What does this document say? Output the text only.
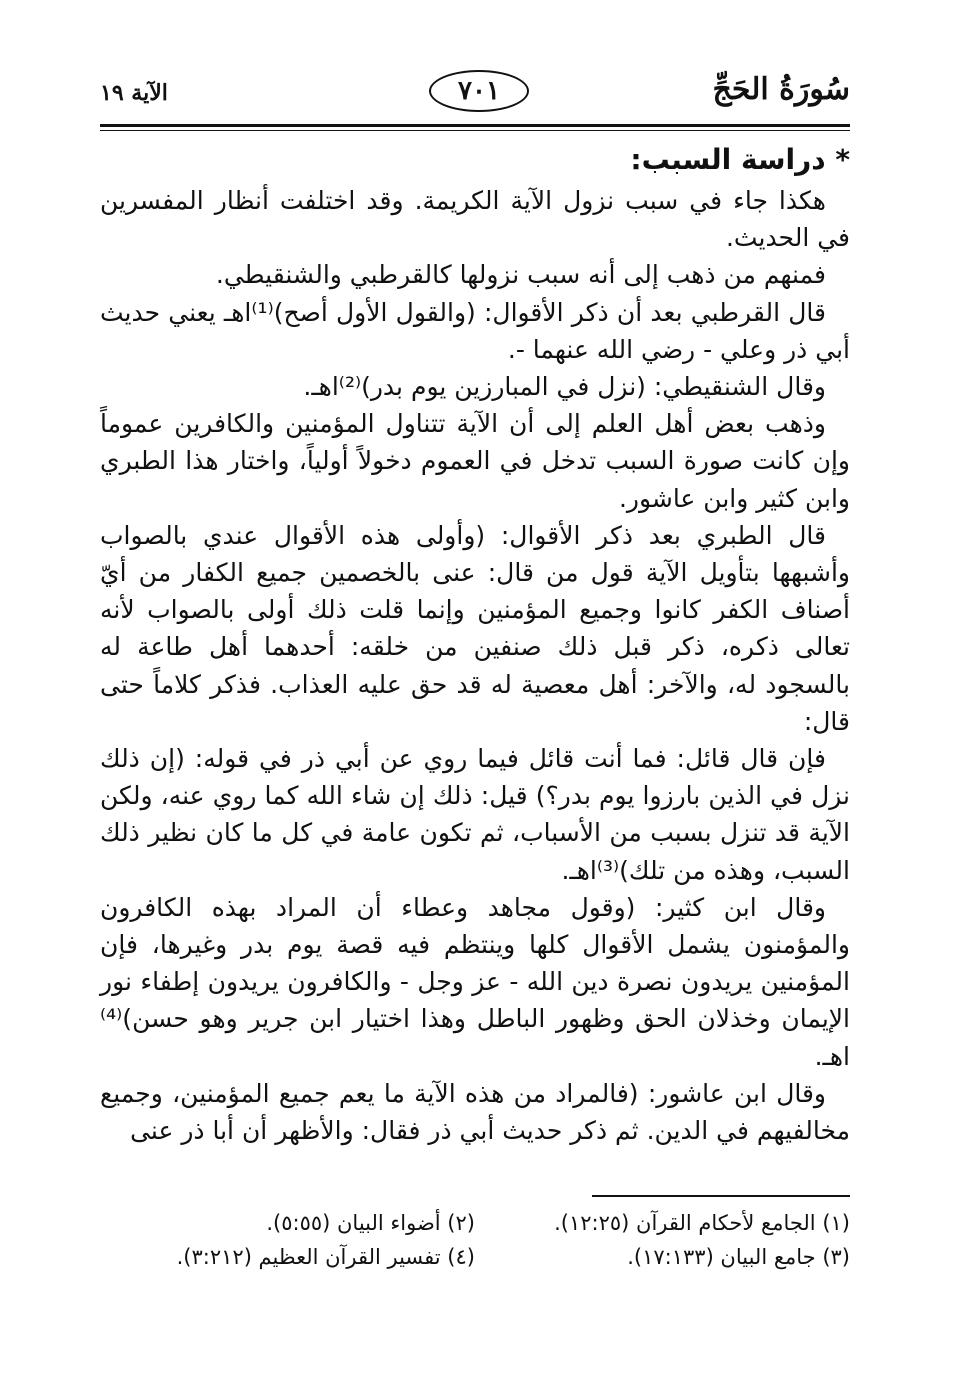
سُورَةُ الحَجِّ
٧٠١
الآية ١٩
* دراسة السبب:

هكذا جاء في سبب نزول الآية الكريمة. وقد اختلفت أنظار المفسرين في الحديث.

فمنهم من ذهب إلى أنه سبب نزولها كالقرطبي والشنقيطي.

قال القرطبي بعد أن ذكر الأقوال: (والقول الأول أصح)⁽¹⁾اهـ يعني حديث أبي ذر وعلي - رضي الله عنهما -.

وقال الشنقيطي: (نزل في المبارزين يوم بدر)⁽²⁾اهـ.

وذهب بعض أهل العلم إلى أن الآية تتناول المؤمنين والكافرين عموماً وإن كانت صورة السبب تدخل في العموم دخولاً أولياً، واختار هذا الطبري وابن كثير وابن عاشور.

قال الطبري بعد ذكر الأقوال: (وأولى هذه الأقوال عندي بالصواب وأشبهها بتأويل الآية قول من قال: عنى بالخصمين جميع الكفار من أيّ أصناف الكفر كانوا وجميع المؤمنين وإنما قلت ذلك أولى بالصواب لأنه تعالى ذكره، ذكر قبل ذلك صنفين من خلقه: أحدهما أهل طاعة له بالسجود له، والآخر: أهل معصية له قد حق عليه العذاب. فذكر كلاماً حتى قال:

فإن قال قائل: فما أنت قائل فيما روي عن أبي ذر في قوله: (إن ذلك نزل في الذين بارزوا يوم بدر؟) قيل: ذلك إن شاء الله كما روي عنه، ولكن الآية قد تنزل بسبب من الأسباب، ثم تكون عامة في كل ما كان نظير ذلك السبب، وهذه من تلك)⁽³⁾اهـ.

وقال ابن كثير: (وقول مجاهد وعطاء أن المراد بهذه الكافرون والمؤمنون يشمل الأقوال كلها وينتظم فيه قصة يوم بدر وغيرها، فإن المؤمنين يريدون نصرة دين الله - عز وجل - والكافرون يريدون إطفاء نور الإيمان وخذلان الحق وظهور الباطل وهذا اختيار ابن جرير وهو حسن)⁽⁴⁾اهـ.

وقال ابن عاشور: (فالمراد من هذه الآية ما يعم جميع المؤمنين، وجميع مخالفيهم في الدين. ثم ذكر حديث أبي ذر فقال: والأظهر أن أبا ذر عنى

(١) الجامع لأحكام القرآن (١٢:٢٥).
(٢) أضواء البيان (٥:٥٥).
(٣) جامع البيان (١٧:١٣٣).
(٤) تفسير القرآن العظيم (٣:٢١٢).
